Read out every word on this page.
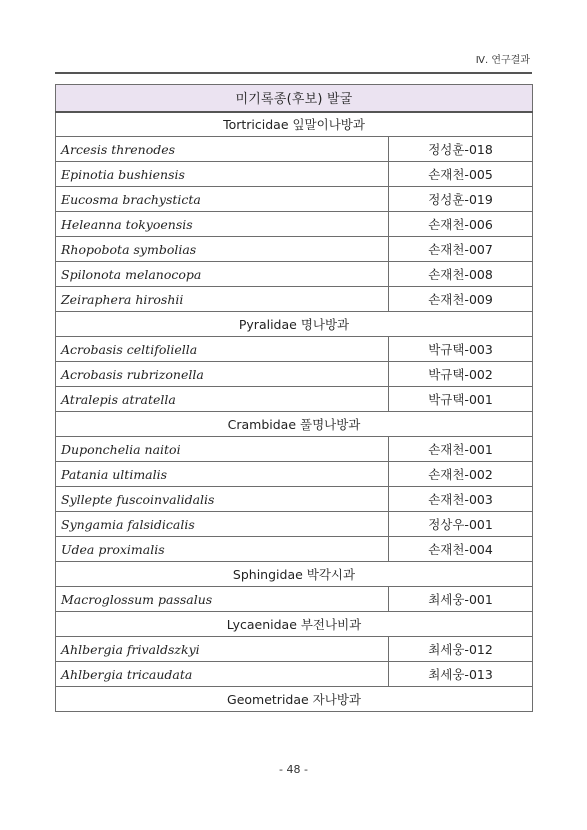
Ⅳ. 연구결과
미기록종(후보) 발굴	
Tortricidae 잎말이나방과	
Arcesis threnodes	정성훈-018
Epinotia bushiensis	손재천-005
Eucosma brachysticta	정성훈-019
Heleanna tokyoensis	손재천-006
Rhopobota symbolias	손재천-007
Spilonota melanocopa	손재천-008
Zeiraphera hiroshii	손재천-009
Pyralidae 명나방과	
Acrobasis celtifoliella	박규택-003
Acrobasis rubrizonella	박규택-002
Atralepis atratella	박규택-001
Crambidae 풀명나방과	
Duponchelia naitoi	손재천-001
Patania ultimalis	손재천-002
Syllepte fuscoinvalidalis	손재천-003
Syngamia falsidicalis	정상우-001
Udea proximalis	손재천-004
Sphingidae 박각시과	
Macroglossum passalus	최세웅-001
Lycaenidae 부전나비과	
Ahlbergia frivaldszkyi	최세웅-012
Ahlbergia tricaudata	최세웅-013
Geometridae 자나방과	
- 48 -
